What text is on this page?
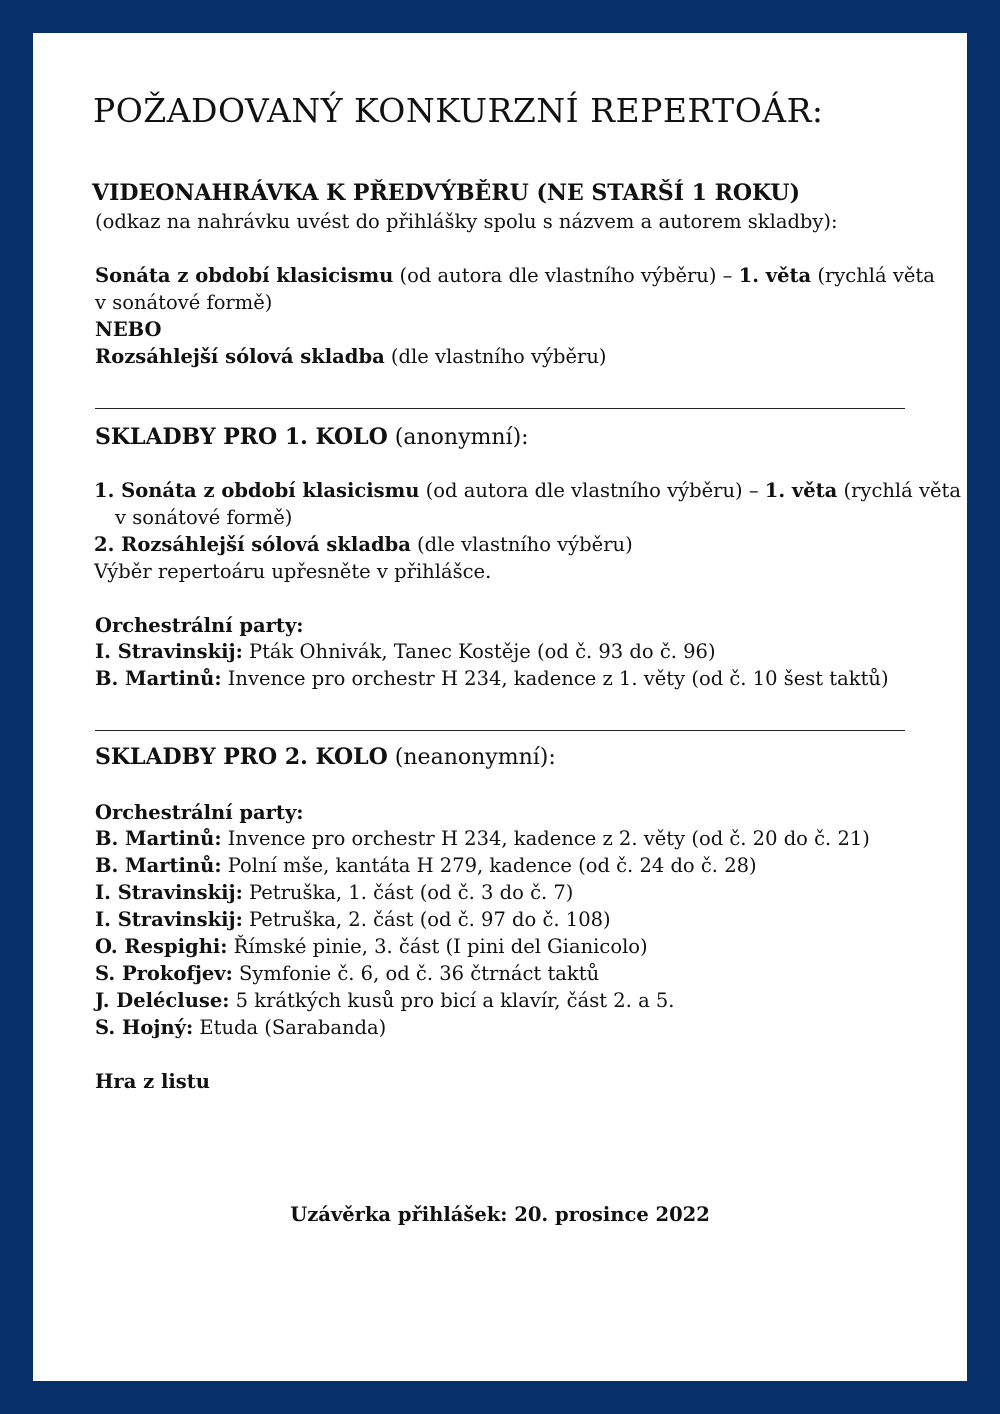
POŽADOVANÝ KONKURZNÍ REPERTOÁR:
VIDEONAHRÁVKA K PŘEDVÝBĚRU (NE STARŠÍ 1 ROKU)
(odkaz na nahrávku uvést do přihlášky spolu s názvem a autorem skladby):
Sonáta z období klasicismu (od autora dle vlastního výběru) – 1. věta (rychlá věta
v sonátové formě)
NEBO
Rozsáhlejší sólová skladba (dle vlastního výběru)
SKLADBY PRO 1. KOLO (anonymní):
1. Sonáta z období klasicismu (od autora dle vlastního výběru) – 1. věta (rychlá věta
v sonátové formě)
2. Rozsáhlejší sólová skladba (dle vlastního výběru)
Výběr repertoáru upřesněte v přihlášce.
Orchestrální party:
I. Stravinskij: Pták Ohnivák, Tanec Kostěje (od č. 93 do č. 96)
B. Martinů: Invence pro orchestr H 234, kadence z 1. věty (od č. 10 šest taktů)
SKLADBY PRO 2. KOLO (neanonymní):
Orchestrální party:
B. Martinů: Invence pro orchestr H 234, kadence z 2. věty (od č. 20 do č. 21)
B. Martinů: Polní mše, kantáta H 279, kadence (od č. 24 do č. 28)
I. Stravinskij: Petruška, 1. část (od č. 3 do č. 7)
I. Stravinskij: Petruška, 2. část (od č. 97 do č. 108)
O. Respighi: Římské pinie, 3. část (I pini del Gianicolo)
S. Prokofjev: Symfonie č. 6, od č. 36 čtrnáct taktů
J. Delécluse: 5 krátkých kusů pro bicí a klavír, část 2. a 5.
S. Hojný: Etuda (Sarabanda)
Hra z listu
Uzávěrka přihlášek: 20. prosince 2022
